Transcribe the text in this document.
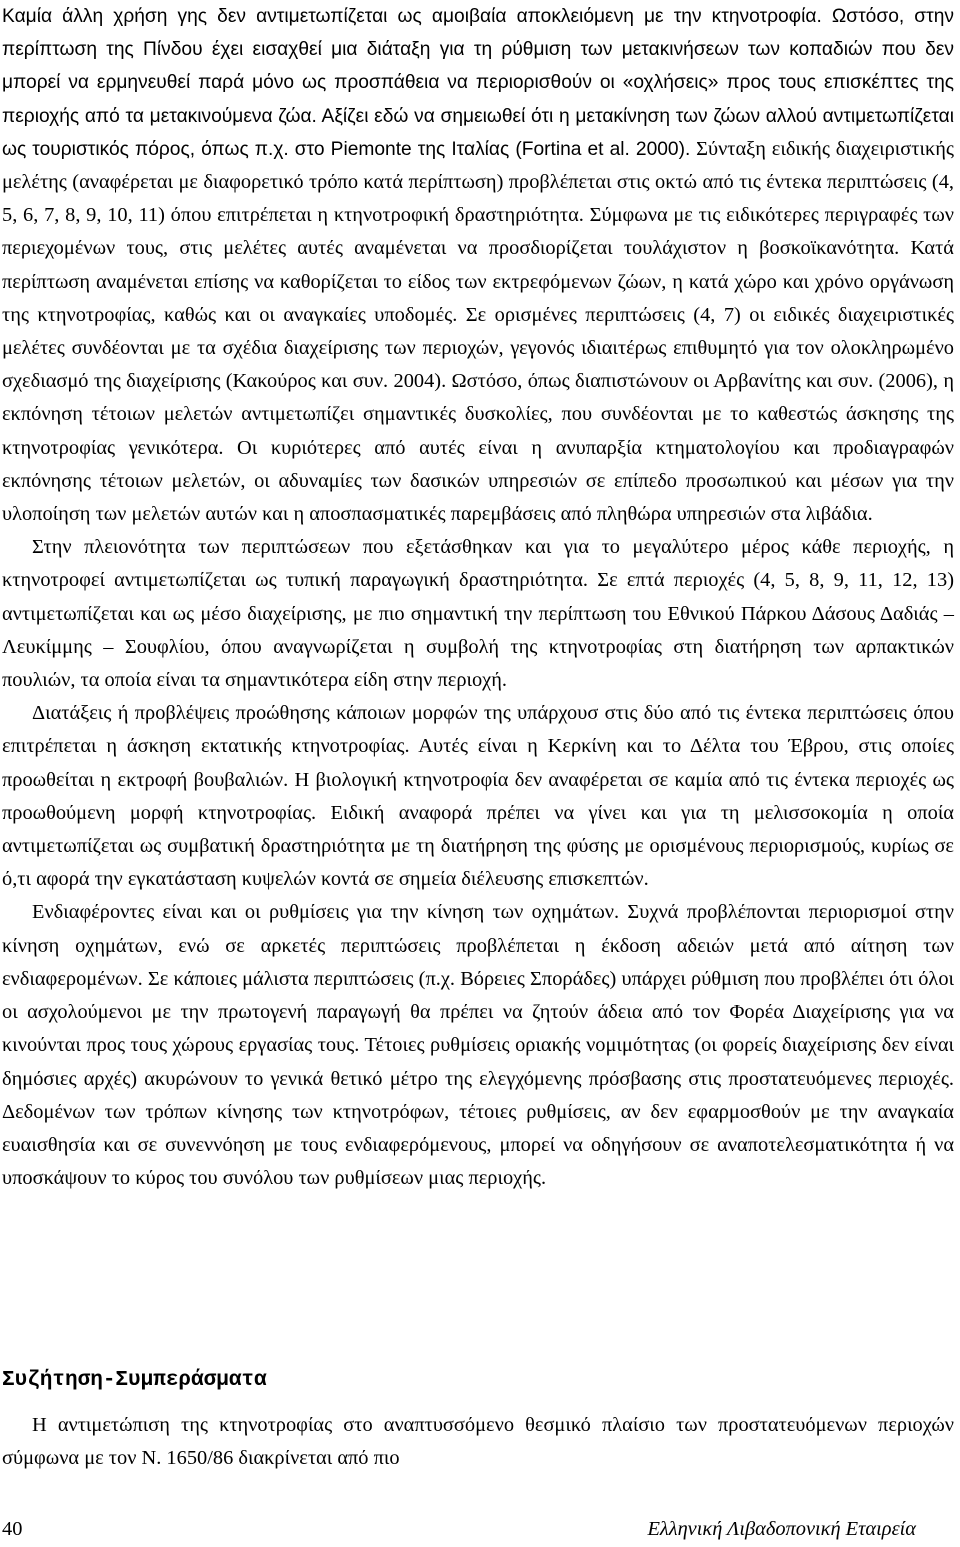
Καμία άλλη χρήση γης δεν αντιμετωπίζεται ως αμοιβαία αποκλειόμενη με την κτηνοτροφία. Ωστόσο, στην περίπτωση της Πίνδου έχει εισαχθεί μια διάταξη για τη ρύθμιση των μετακινήσεων των κοπαδιών που δεν μπορεί να ερμηνευθεί παρά μόνο ως προσπάθεια να περιορισθούν οι «οχλήσεις» προς τους επισκέπτες της περιοχής από τα μετακινούμενα ζώα. Αξίζει εδώ να σημειωθεί ότι η μετακίνηση των ζώων αλλού αντιμετωπίζεται ως τουριστικός πόρος, όπως π.χ. στο Piemonte της Ιταλίας (Fortina et al. 2000). Σύνταξη ειδικής διαχειριστικής μελέτης (αναφέρεται με διαφορετικό τρόπο κατά περίπτωση) προβλέπεται στις οκτώ από τις έντεκα περιπτώσεις (4, 5, 6, 7, 8, 9, 10, 11) όπου επιτρέπεται η κτηνοτροφική δραστηριότητα. Σύμφωνα με τις ειδικότερες περιγραφές των περιεχομένων τους, στις μελέτες αυτές αναμένεται να προσδιορίζεται τουλάχιστον η βοσκοϊκανότητα. Κατά περίπτωση αναμένεται επίσης να καθορίζεται το είδος των εκτρεφόμενων ζώων, η κατά χώρο και χρόνο οργάνωση της κτηνοτροφίας, καθώς και οι αναγκαίες υποδομές. Σε ορισμένες περιπτώσεις (4, 7) οι ειδικές διαχειριστικές μελέτες συνδέονται με τα σχέδια διαχείρισης των περιοχών, γεγονός ιδιαιτέρως επιθυμητό για τον ολοκληρωμένο σχεδιασμό της διαχείρισης (Κακούρος και συν. 2004). Ωστόσο, όπως διαπιστώνουν οι Αρβανίτης και συν. (2006), η εκπόνηση τέτοιων μελετών αντιμετωπίζει σημαντικές δυσκολίες, που συνδέονται με το καθεστώς άσκησης της κτηνοτροφίας γενικότερα. Οι κυριότερες από αυτές είναι η ανυπαρξία κτηματολογίου και προδιαγραφών εκπόνησης τέτοιων μελετών, οι αδυναμίες των δασικών υπηρεσιών σε επίπεδο προσωπικού και μέσων για την υλοποίηση των μελετών αυτών και η αποσπασματικές παρεμβάσεις από πληθώρα υπηρεσιών στα λιβάδια.

Στην πλειονότητα των περιπτώσεων που εξετάσθηκαν και για το μεγαλύτερο μέρος κάθε περιοχής, η κτηνοτροφεί αντιμετωπίζεται ως τυπική παραγωγική δραστηριότητα. Σε επτά περιοχές (4, 5, 8, 9, 11, 12, 13) αντιμετωπίζεται και ως μέσο διαχείρισης, με πιο σημαντική την περίπτωση του Εθνικού Πάρκου Δάσους Δαδιάς – Λευκίμμης – Σουφλίου, όπου αναγνωρίζεται η συμβολή της κτηνοτροφίας στη διατήρηση των αρπακτικών πουλιών, τα οποία είναι τα σημαντικότερα είδη στην περιοχή.

Διατάξεις ή προβλέψεις προώθησης κάποιων μορφών της υπάρχουσ στις δύο από τις έντεκα περιπτώσεις όπου επιτρέπεται η άσκηση εκτατικής κτηνοτροφίας. Αυτές είναι η Κερκίνη και το Δέλτα του Έβρου, στις οποίες προωθείται η εκτροφή βουβαλιών. Η βιολογική κτηνοτροφία δεν αναφέρεται σε καμία από τις έντεκα περιοχές ως προωθούμενη μορφή κτηνοτροφίας. Ειδική αναφορά πρέπει να γίνει και για τη μελισσοκομία η οποία αντιμετωπίζεται ως συμβατική δραστηριότητα με τη διατήρηση της φύσης με ορισμένους περιορισμούς, κυρίως σε ό,τι αφορά την εγκατάσταση κυψελών κοντά σε σημεία διέλευσης επισκεπτών.

Ενδιαφέροντες είναι και οι ρυθμίσεις για την κίνηση των οχημάτων. Συχνά προβλέπονται περιορισμοί στην κίνηση οχημάτων, ενώ σε αρκετές περιπτώσεις προβλέπεται η έκδοση αδειών μετά από αίτηση των ενδιαφερομένων. Σε κάποιες μάλιστα περιπτώσεις (π.χ. Βόρειες Σποράδες) υπάρχει ρύθμιση που προβλέπει ότι όλοι οι ασχολούμενοι με την πρωτογενή παραγωγή θα πρέπει να ζητούν άδεια από τον Φορέα Διαχείρισης για να κινούνται προς τους χώρους εργασίας τους. Τέτοιες ρυθμίσεις οριακής νομιμότητας (οι φορείς διαχείρισης δεν είναι δημόσιες αρχές) ακυρώνουν το γενικά θετικό μέτρο της ελεγχόμενης πρόσβασης στις προστατευόμενες περιοχές. Δεδομένων των τρόπων κίνησης των κτηνοτρόφων, τέτοιες ρυθμίσεις, αν δεν εφαρμοσθούν με την αναγκαία ευαισθησία και σε συνεννόηση με τους ενδιαφερόμενους, μπορεί να οδηγήσουν σε αναποτελεσματικότητα ή να υποσκάψουν το κύρος του συνόλου των ρυθμίσεων μιας περιοχής.

Συζήτηση-Συμπεράσματα

Η αντιμετώπιση της κτηνοτροφίας στο αναπτυσσόμενο θεσμικό πλαίσιο των προστατευόμενων περιοχών σύμφωνα με τον Ν. 1650/86 διακρίνεται από πιο

40	Ελληνική Λιβαδοπονική Εταιρεία
